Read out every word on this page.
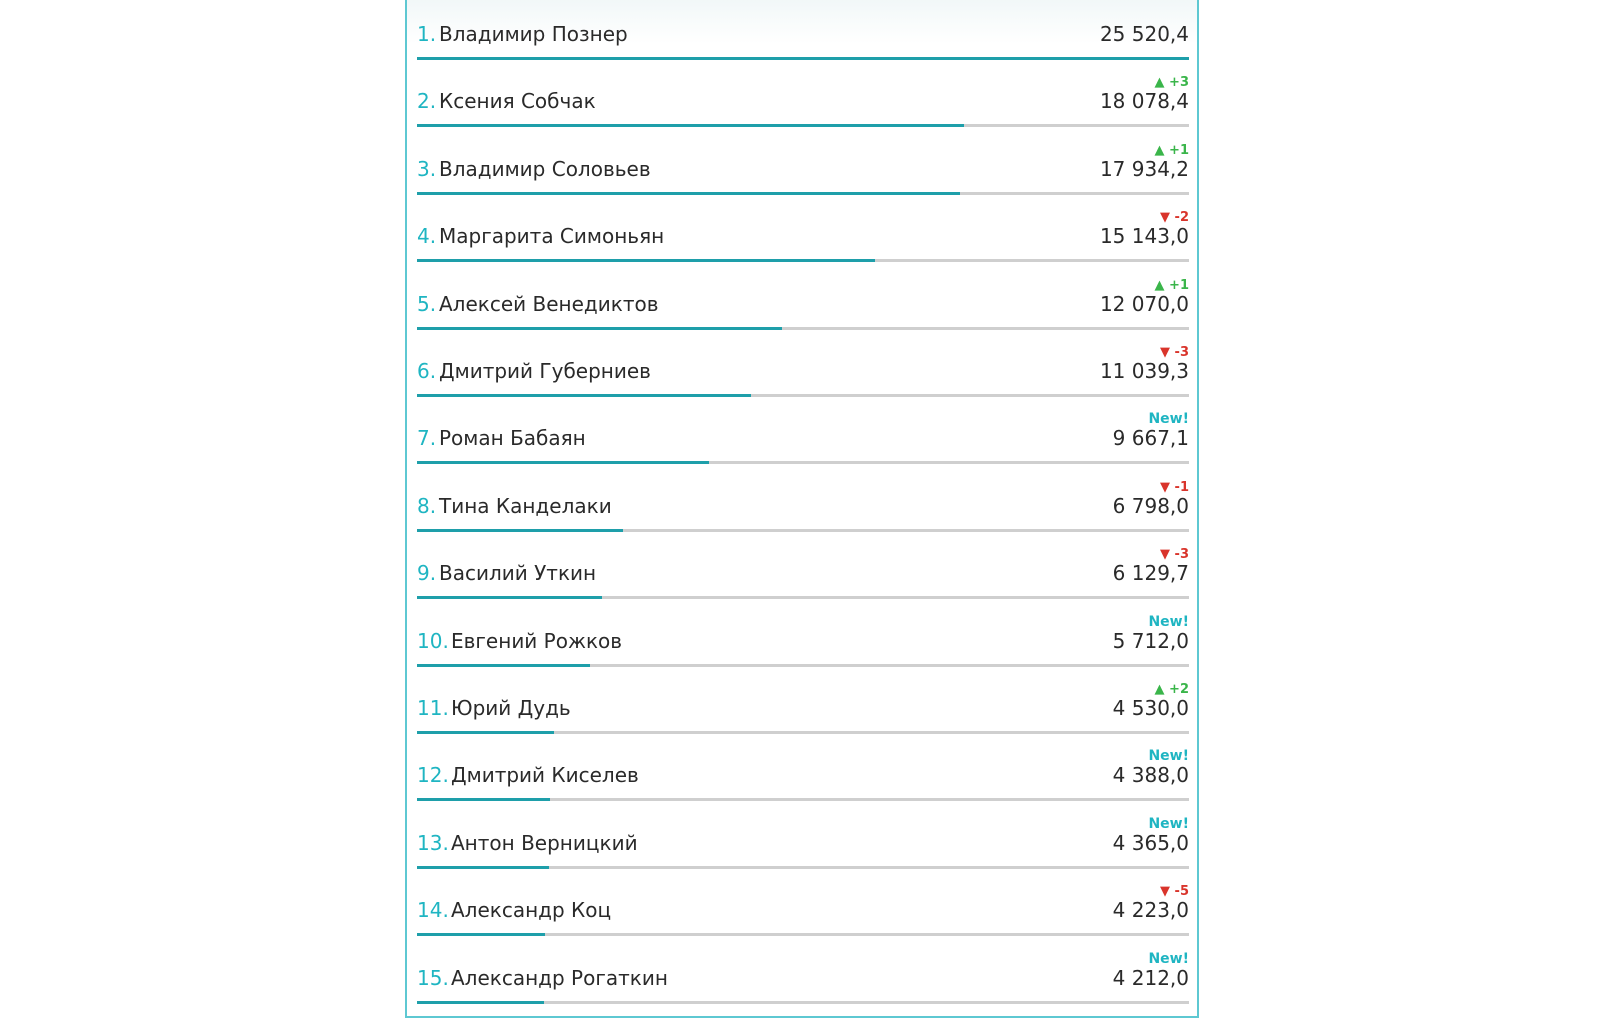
1. Владимир Познер	25 520,4
2. Ксения Собчак
▲ +3
18 078,4
3. Владимир Соловьев
▲ +1
17 934,2
4. Маргарита Симоньян
▼ -2
15 143,0
5. Алексей Венедиктов
▲ +1
12 070,0
6. Дмитрий Губерниев
▼ -3
11 039,3
7. Роман Бабаян
New!
9 667,1
8. Тина Канделаки
▼ -1
6 798,0
9. Василий Уткин
▼ -3
6 129,7
10. Евгений Рожков
New!
5 712,0
11. Юрий Дудь
▲ +2
4 530,0
12. Дмитрий Киселев
New!
4 388,0
13. Антон Верницкий
New!
4 365,0
14. Александр Коц
▼ -5
4 223,0
15. Александр Рогаткин
New!
4 212,0
